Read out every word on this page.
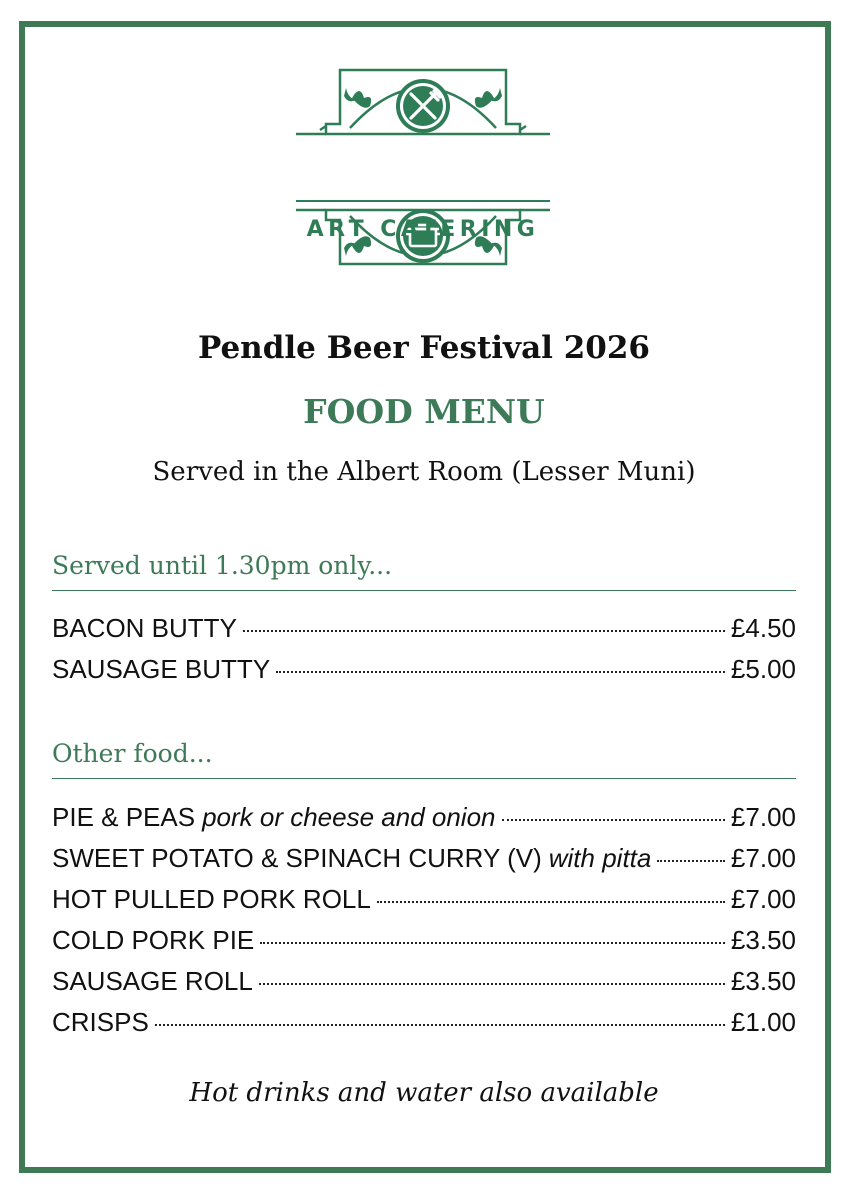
ART CATERING
Pendle Beer Festival 2026
FOOD MENU
Served in the Albert Room (Lesser Muni)
Served until 1.30pm only...
BACON BUTTY	£4.50
SAUSAGE BUTTY	£5.00
Other food...
PIE & PEAS pork or cheese and onion	£7.00
SWEET POTATO & SPINACH CURRY (V) with pitta	£7.00
HOT PULLED PORK ROLL	£7.00
COLD PORK PIE	£3.50
SAUSAGE ROLL	£3.50
CRISPS	£1.00
Hot drinks and water also available
